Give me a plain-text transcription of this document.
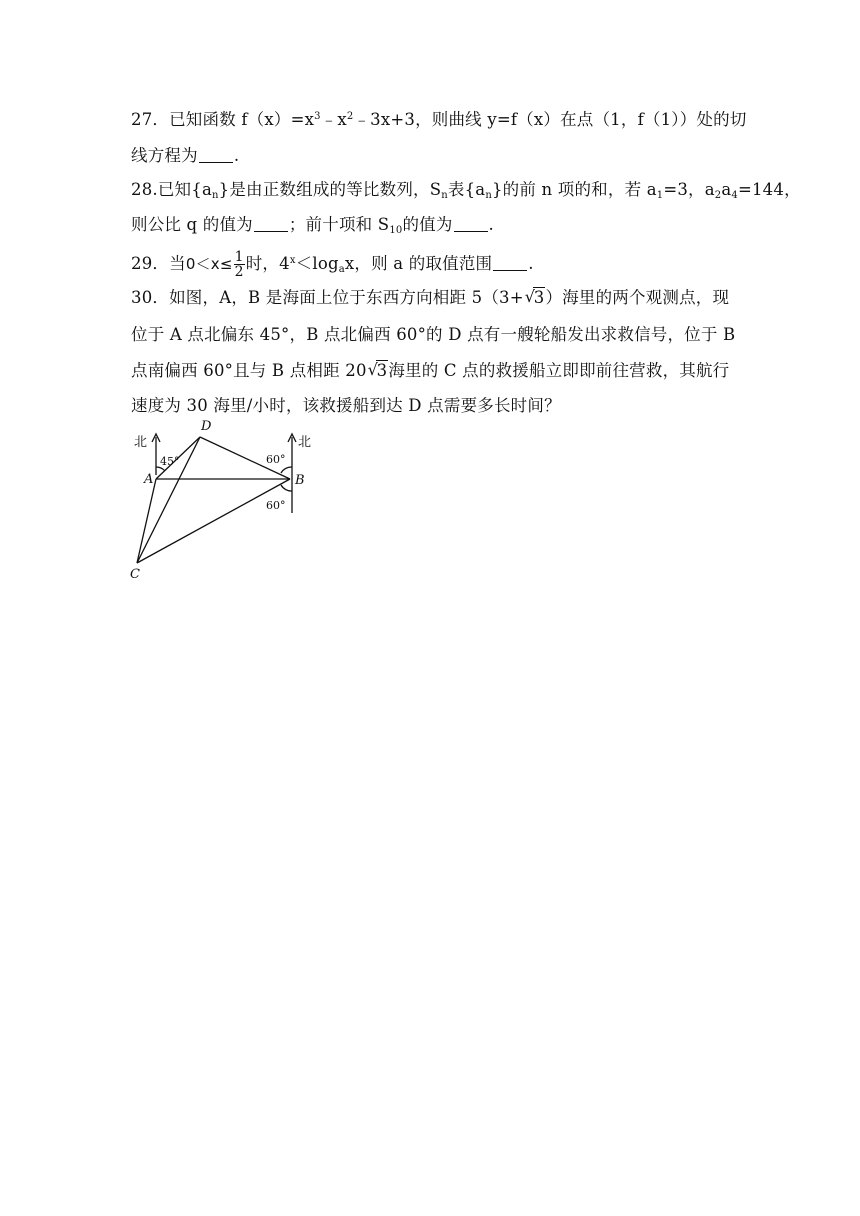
27．已知函数 $f(x)=x^3﹣x^2﹣3x+3$，则曲线 y=f（x）在点（1，f（1））处的切
线方程为 .
28.已知$\{a_n\}$是由正数组成的等比数列，$S_n$表$\{a_n\}$的前 n 项的和，若 $a_1=3$，$a_2a_4=144$，
则公比 q 的值为 ；前十项和 $S_{10}$的值为 .
29．当$0<x\le \frac{1}{2}$ 时，$4^x<\log_ax$，则 a 的取值范围 .
30．如图，A，B 是海面上位于东西方向相距 5（3+ √
3）海里的两个观测点，现
位于 A 点北偏东 45°，B 点北偏西 60°的 D 点有一艘轮船发出求救信号，位于 B
点南偏西 60°且与 B 点相距 20 √
3海里的 C 点的救援船立即即前往营救，其航行
速度为 30 海里/小时，该救援船到达 D 点需要多长时间？
北	北
D
A	B
C
45°	60°
60°
